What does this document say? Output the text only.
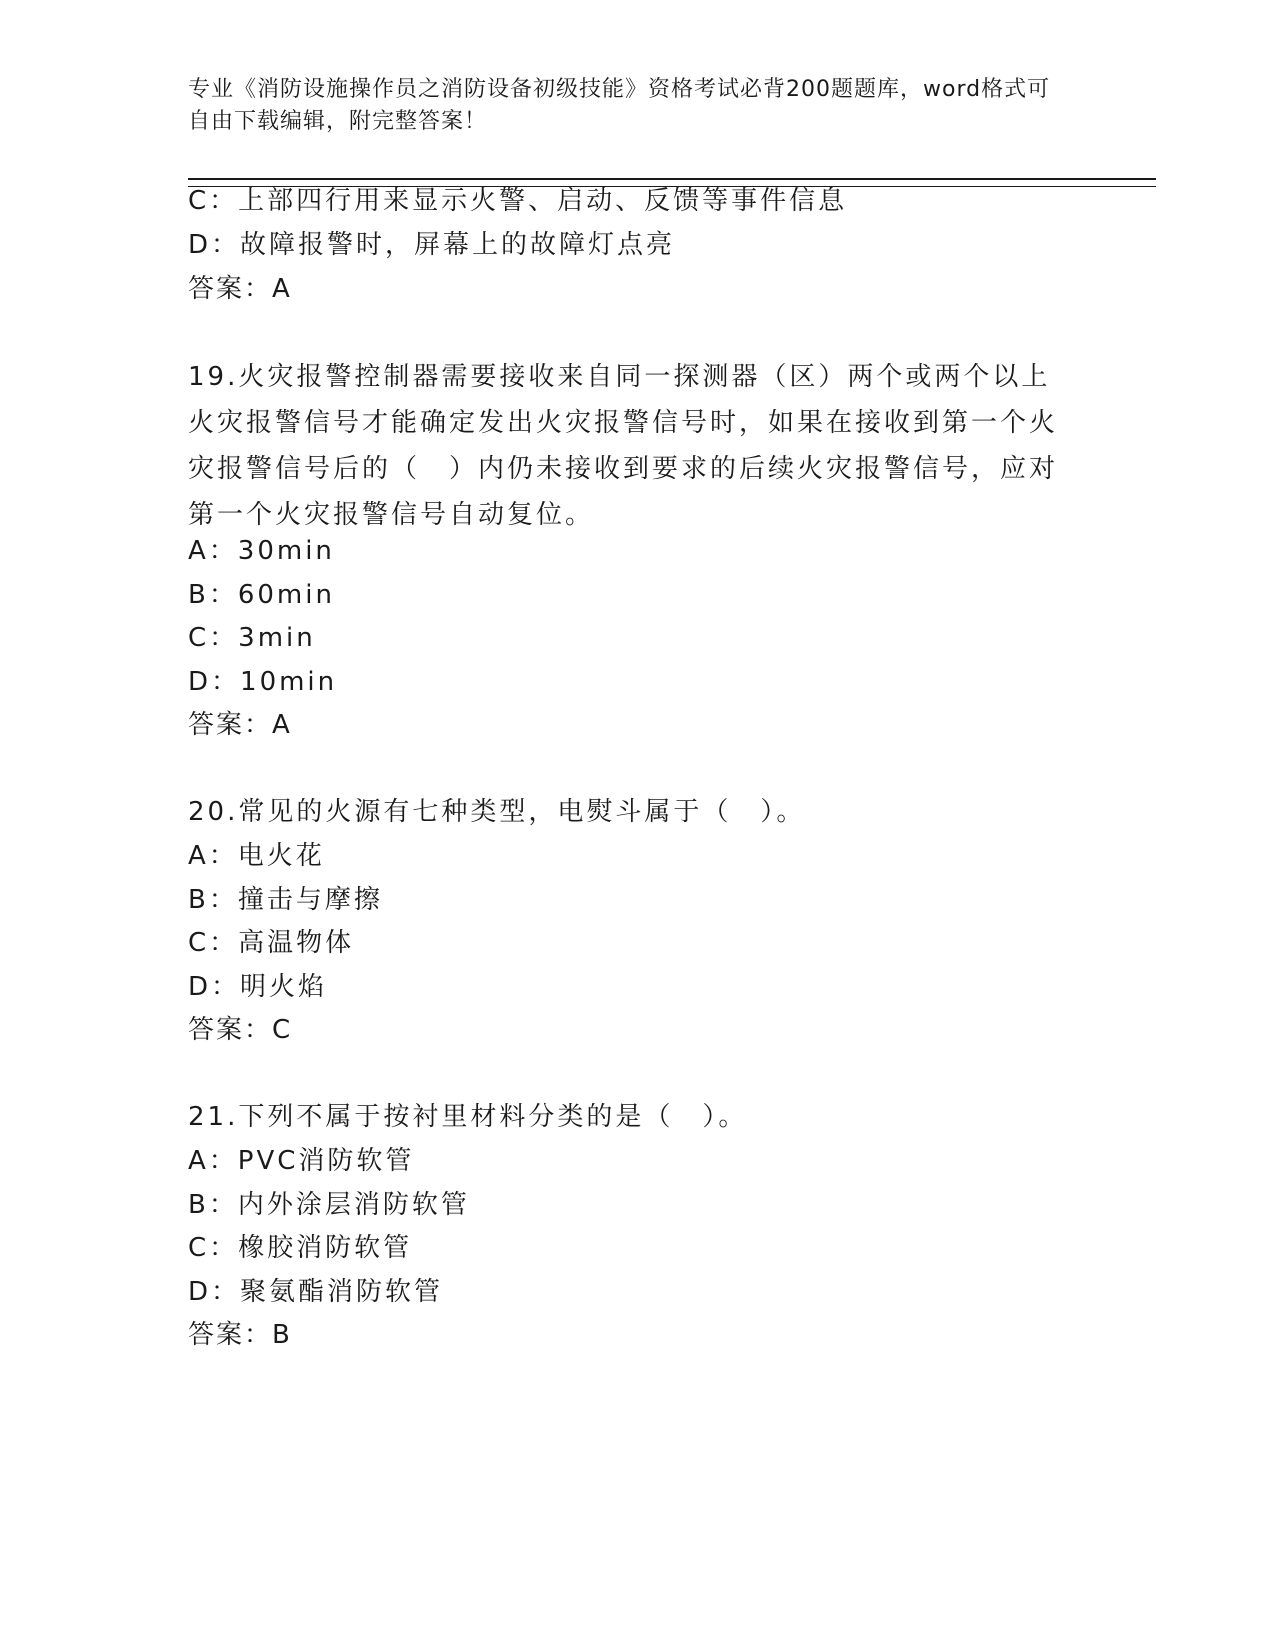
专业《消防设施操作员之消防设备初级技能》资格考试必背200题题库，word格式可自由下载编辑，附完整答案！
C：上部四行用来显示火警、启动、反馈等事件信息
D：故障报警时，屏幕上的故障灯点亮
答案：A
19.火灾报警控制器需要接收来自同一探测器（区）两个或两个以上火灾报警信号才能确定发出火灾报警信号时，如果在接收到第一个火灾报警信号后的（　）内仍未接收到要求的后续火灾报警信号，应对第一个火灾报警信号自动复位。
A：30min
B：60min
C：3min
D：10min
答案：A
20.常见的火源有七种类型，电熨斗属于（　）。
A：电火花
B：撞击与摩擦
C：高温物体
D：明火焰
答案：C
21.下列不属于按衬里材料分类的是（　）。
A：PVC消防软管
B：内外涂层消防软管
C：橡胶消防软管
D：聚氨酯消防软管
答案：B
